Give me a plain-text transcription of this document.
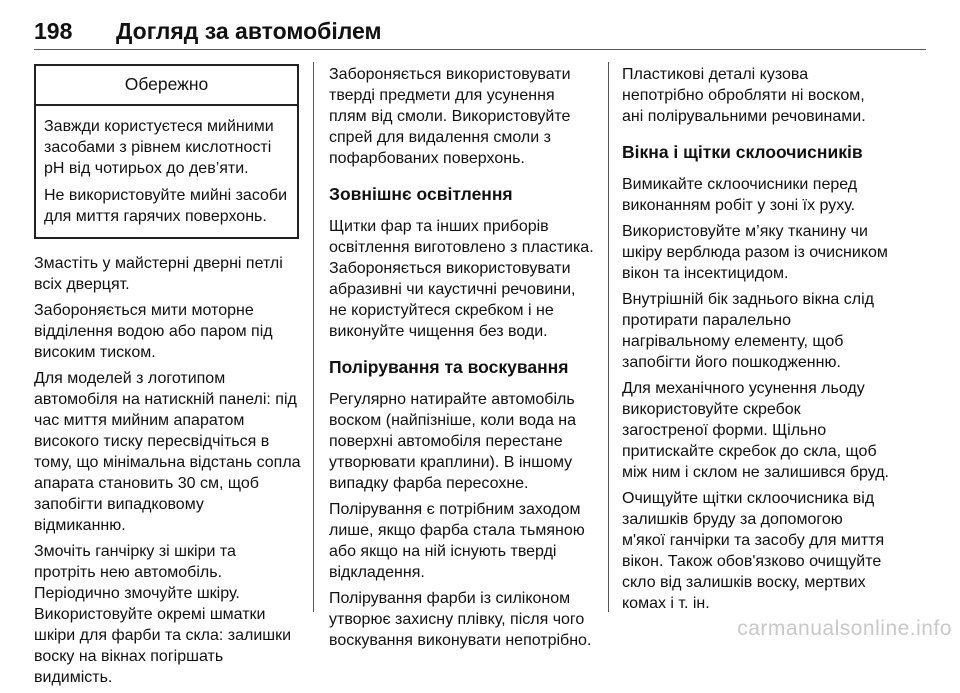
198 Догляд за автомобілем
Обережно

Завжди користуєтеся мийними
засобами з рівнем кислотності
pH від чотирьох до дев’яти.

Не використовуйте мийні засоби
для миття гарячих поверхонь.

Змастіть у майстерні дверні петлі
всіх дверцят.

Забороняється мити моторне
відділення водою або паром під
високим тиском.

Для моделей з логотипом
автомобіля на натискній панелі: під
час миття мийним апаратом
високого тиску пересвідчіться в
тому, що мінімальна відстань сопла
апарата становить 30 см, щоб
запобігти випадковому
відмиканню.

Змочіть ганчірку зі шкіри та
протріть нею автомобіль.
Періодично змочуйте шкіру.
Використовуйте окремі шматки
шкіри для фарби та скла: залишки
воску на вікнах погіршать
видимість.

Забороняється використовувати
тверді предмети для усунення
плям від смоли. Використовуйте
спрей для видалення смоли з
пофарбованих поверхонь.

Зовнішнє освітлення

Щитки фар та інших приборів
освітлення виготовлено з пластика.
Забороняється використовувати
абразивні чи каустичні речовини,
не користуйтеся скребком і не
виконуйте чищення без води.

Полірування та воскування

Регулярно натирайте автомобіль
воском (найпізніше, коли вода на
поверхні автомобіля перестане
утворювати краплини). В іншому
випадку фарба пересохне.

Полірування є потрібним заходом
лише, якщо фарба стала тьмяною
або якщо на ній існують тверді
відкладення.

Полірування фарби із силіконом
утворює захисну плівку, після чого
воскування виконувати непотрібно.

Пластикові деталі кузова
непотрібно обробляти ні воском,
ані полірувальними речовинами.

Вікна і щітки склоочисників

Вимикайте склоочисники перед
виконанням робіт у зоні їх руху.

Використовуйте м’яку тканину чи
шкіру верблюда разом із очисником
вікон та інсектицидом.

Внутрішній бік заднього вікна слід
протирати паралельно
нагрівальному елементу, щоб
запобігти його пошкодженню.

Для механічного усунення льоду
використовуйте скребок
загостреної форми. Щільно
притискайте скребок до скла, щоб
між ним і склом не залишився бруд.

Очищуйте щітки склоочисника від
залишків бруду за допомогою
м'якої ганчірки та засобу для миття
вікон. Також обов'язково очищуйте
скло від залишків воску, мертвих
комах і т. ін.

carmanualsonline.info
